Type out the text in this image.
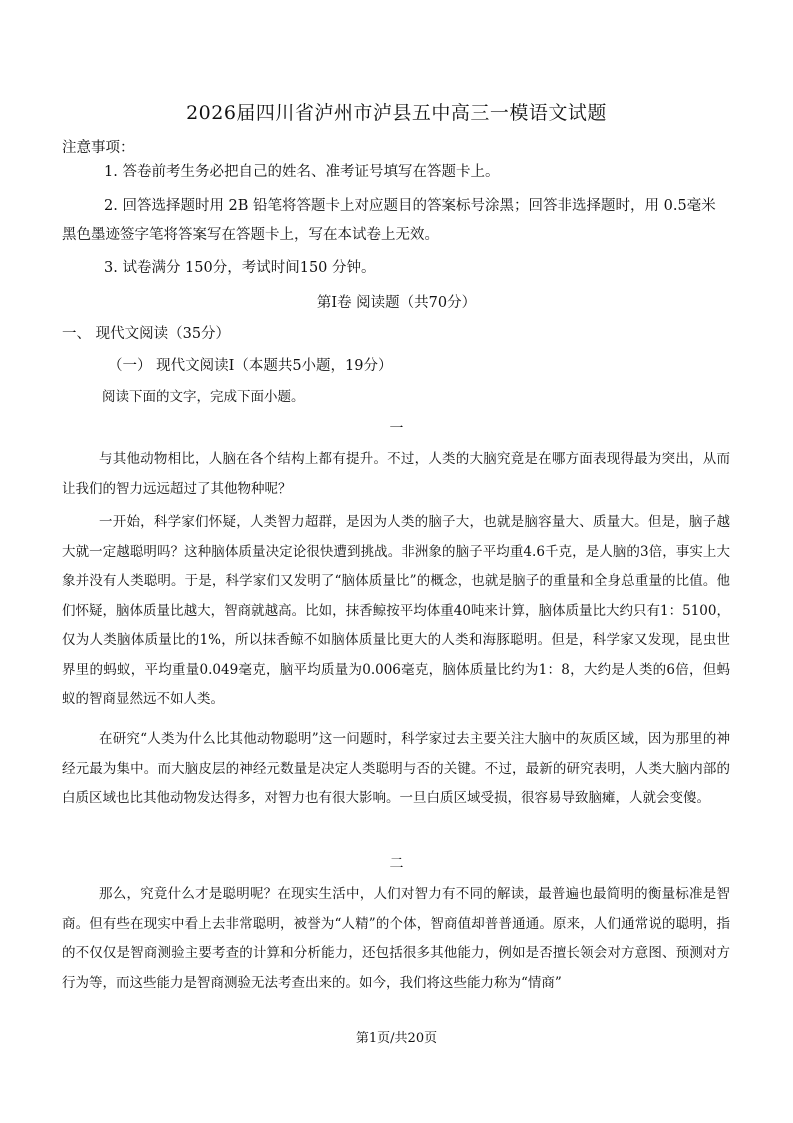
2026届四川省泸州市泸县五中高三一模语文试题
注意事项：
1. 答卷前考生务必把自己的姓名、准考证号填写在答题卡上。
2. 回答选择题时用 2B 铅笔将答题卡上对应题目的答案标号涂黑；回答非选择题时，用 0.5毫米黑色墨迹签字笔将答案写在答题卡上，写在本试卷上无效。
3. 试卷满分 150分，考试时间150 分钟。
第Ⅰ卷 阅读题（共70分）
一、 现代文阅读（35分）
（一） 现代文阅读Ⅰ（本题共5小题，19分）
阅读下面的文字，完成下面小题。
一
与其他动物相比，人脑在各个结构上都有提升。不过，人类的大脑究竟是在哪方面表现得最为突出，从而让我们的智力远远超过了其他物种呢？
一开始，科学家们怀疑，人类智力超群，是因为人类的脑子大，也就是脑容量大、质量大。但是，脑子越大就一定越聪明吗？这种脑体质量决定论很快遭到挑战。非洲象的脑子平均重4.6千克，是人脑的3倍，事实上大象并没有人类聪明。于是，科学家们又发明了“脑体质量比”的概念，也就是脑子的重量和全身总重量的比值。他们怀疑，脑体质量比越大，智商就越高。比如，抹香鲸按平均体重40吨来计算，脑体质量比大约只有1：5100，仅为人类脑体质量比的1%，所以抹香鲸不如脑体质量比更大的人类和海豚聪明。但是，科学家又发现，昆虫世界里的蚂蚁，平均重量0.049毫克，脑平均质量为0.006毫克，脑体质量比约为1：8，大约是人类的6倍，但蚂蚁的智商显然远不如人类。
在研究“人类为什么比其他动物聪明”这一问题时，科学家过去主要关注大脑中的灰质区域，因为那里的神经元最为集中。而大脑皮层的神经元数量是决定人类聪明与否的关键。不过，最新的研究表明，人类大脑内部的白质区域也比其他动物发达得多，对智力也有很大影响。一旦白质区域受损，很容易导致脑瘫，人就会变傻。
二
那么，究竟什么才是聪明呢？在现实生活中，人们对智力有不同的解读，最普遍也最简明的衡量标准是智商。但有些在现实中看上去非常聪明，被誉为“人精”的个体，智商值却普普通通。原来，人们通常说的聪明，指的不仅仅是智商测验主要考查的计算和分析能力，还包括很多其他能力，例如是否擅长领会对方意图、预测对方行为等，而这些能力是智商测验无法考查出来的。如今，我们将这些能力称为“情商”
第1页/共20页
